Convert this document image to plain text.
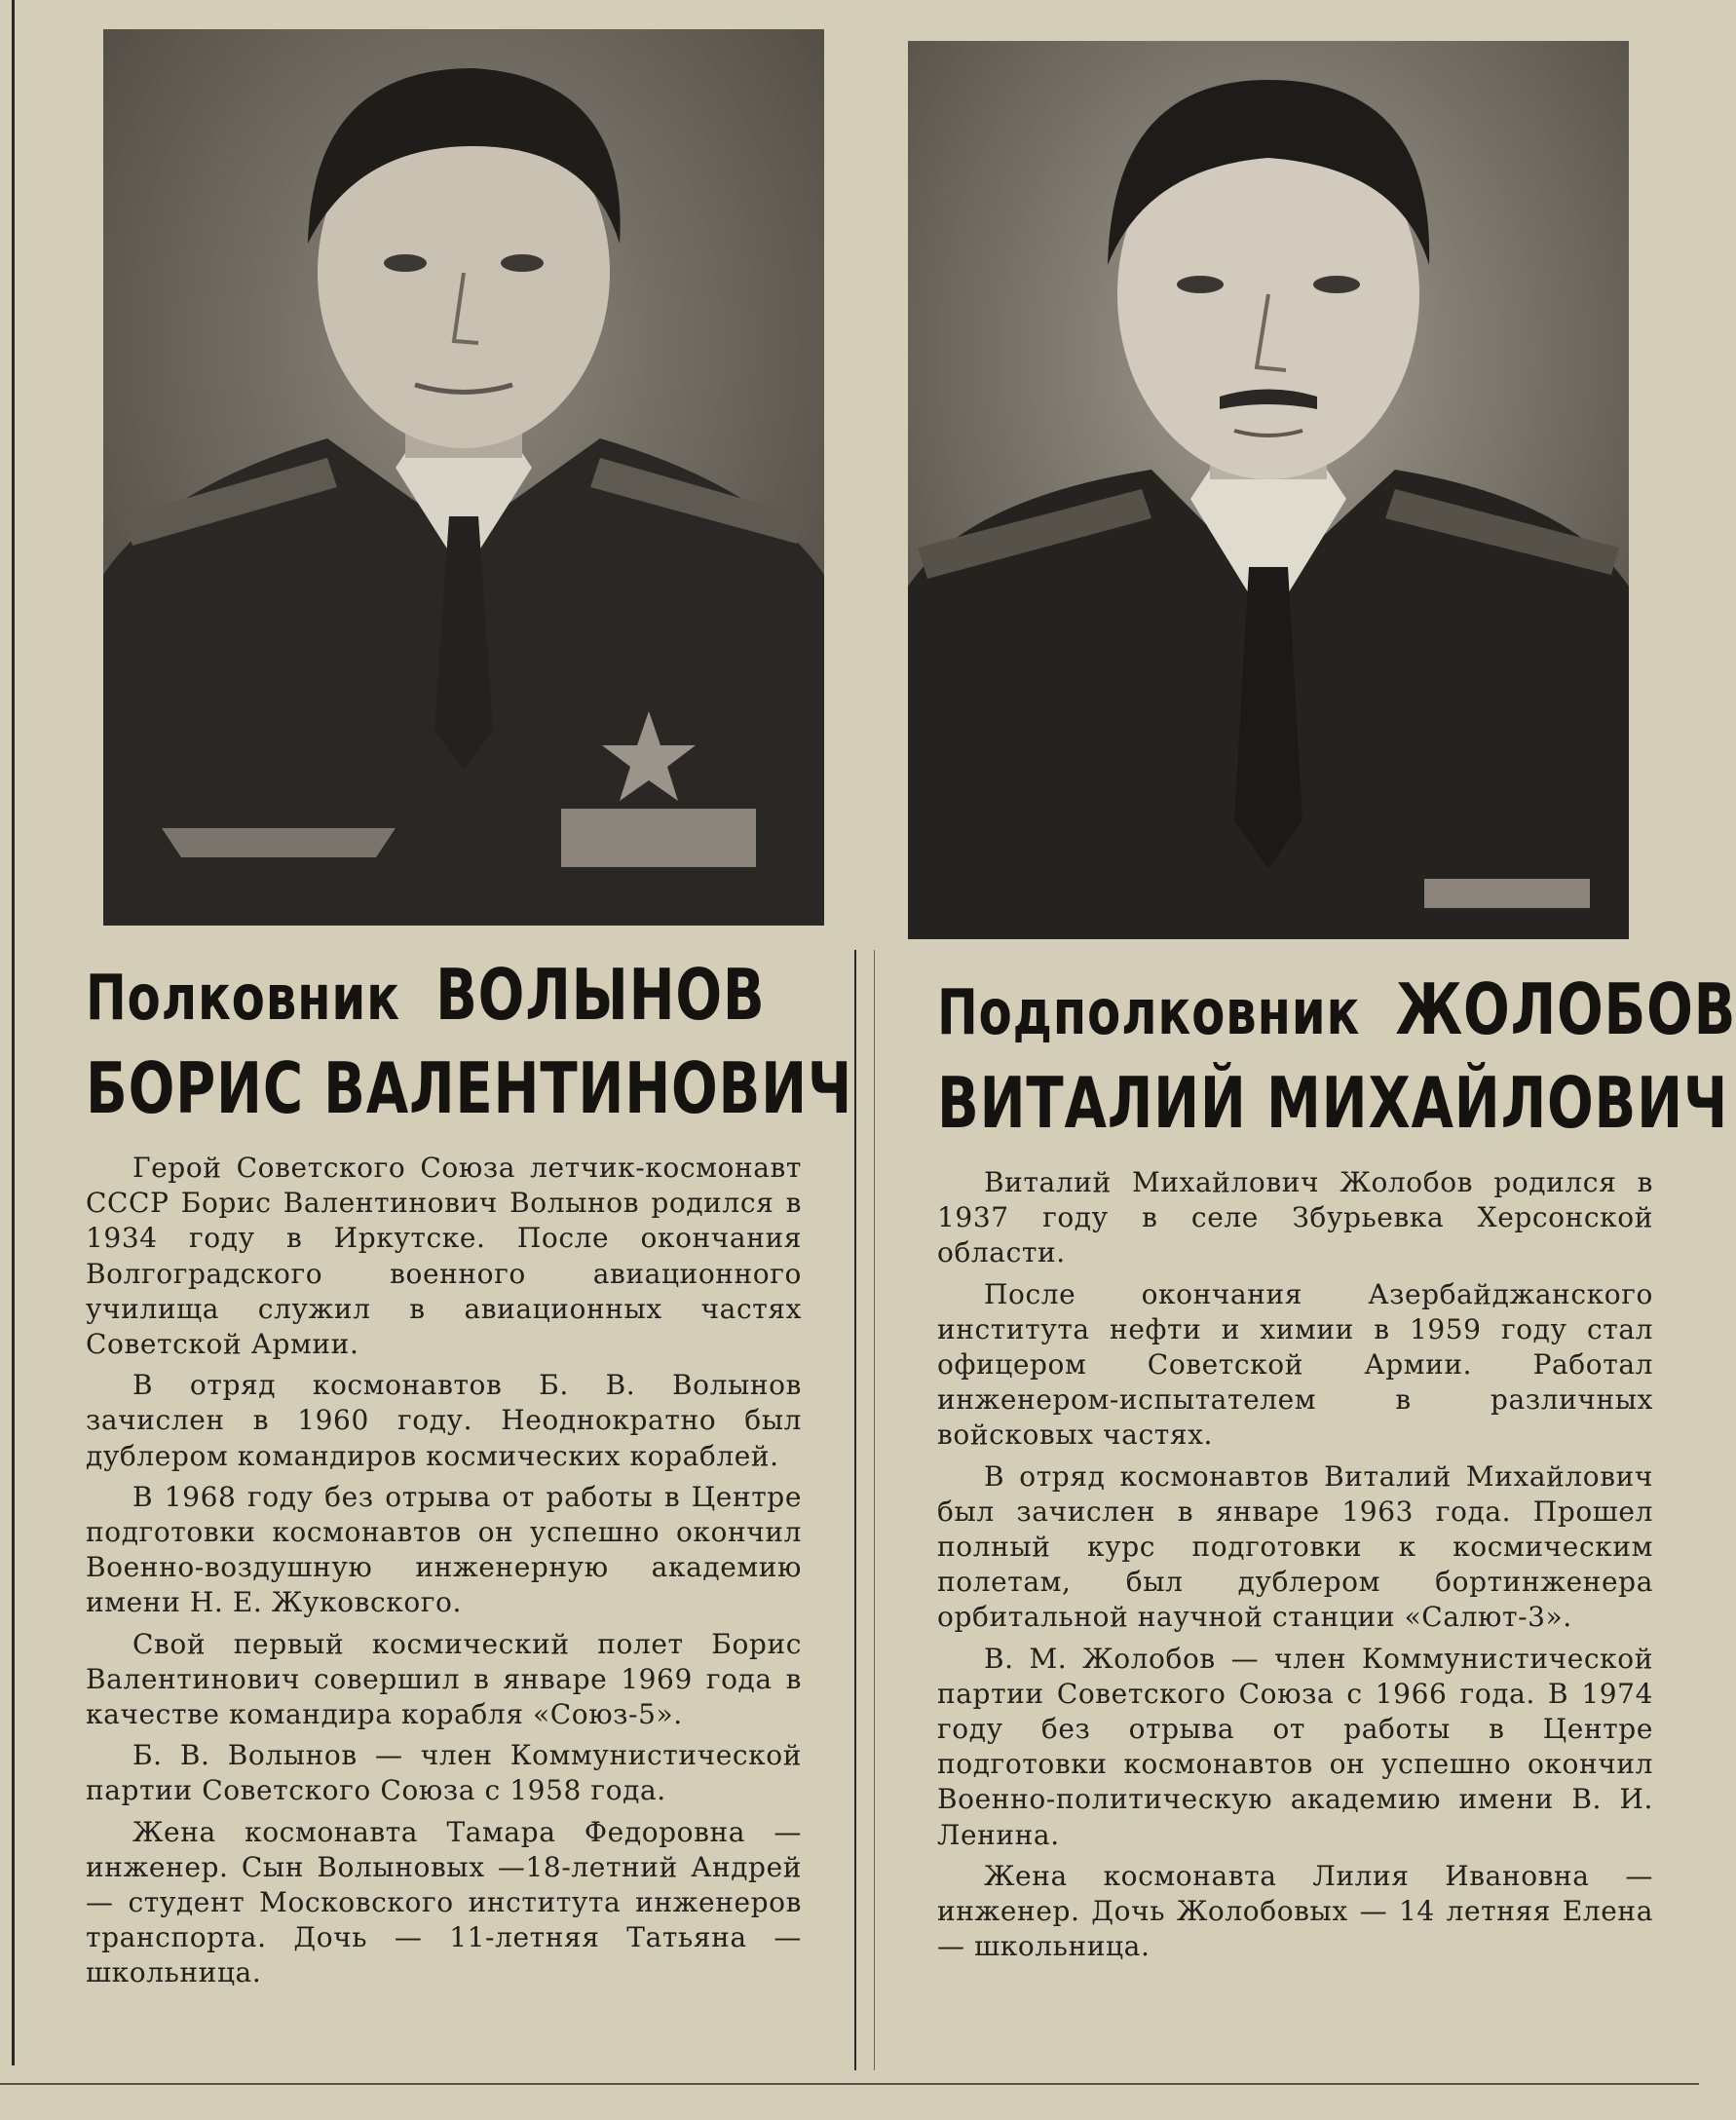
Полковник ВОЛЫНОВ
БОРИС ВАЛЕНТИНОВИЧ

Герой Советского Союза летчик-космонавт СССР Борис Валентинович Волынов родился в 1934 году в Иркутске. После окончания Волгоградского военного авиационного училища служил в авиационных частях Советской Армии.

В отряд космонавтов Б. В. Волынов зачислен в 1960 году. Неоднократно был дублером командиров космических кораблей.

В 1968 году без отрыва от работы в Центре подготовки космонавтов он успешно окончил Военно-воздушную инженерную академию имени Н. Е. Жуковского.

Свой первый космический полет Борис Валентинович совершил в январе 1969 года в качестве командира корабля «Союз-5».

Б. В. Волынов — член Коммунистической партии Советского Союза с 1958 года.

Жена космонавта Тамара Федоровна — инженер. Сын Волыновых —18-летний Андрей — студент Московского института инженеров транспорта. Дочь — 11-летняя Татьяна — школьница.

Подполковник ЖОЛОБОВ
ВИТАЛИЙ МИХАЙЛОВИЧ

Виталий Михайлович Жолобов родился в 1937 году в селе Збурьевка Херсонской области.

После окончания Азербайджанского института нефти и химии в 1959 году стал офицером Советской Армии. Работал инженером-испытателем в различных войсковых частях.

В отряд космонавтов Виталий Михайлович был зачислен в январе 1963 года. Прошел полный курс подготовки к космическим полетам, был дублером бортинженера орбитальной научной станции «Салют-3».

В. М. Жолобов — член Коммунистической партии Советского Союза с 1966 года. В 1974 году без отрыва от работы в Центре подготовки космонавтов он успешно окончил Военно-политическую академию имени В. И. Ленина.

Жена космонавта Лилия Ивановна — инженер. Дочь Жолобовых — 14 летняя Елена — школьница.
